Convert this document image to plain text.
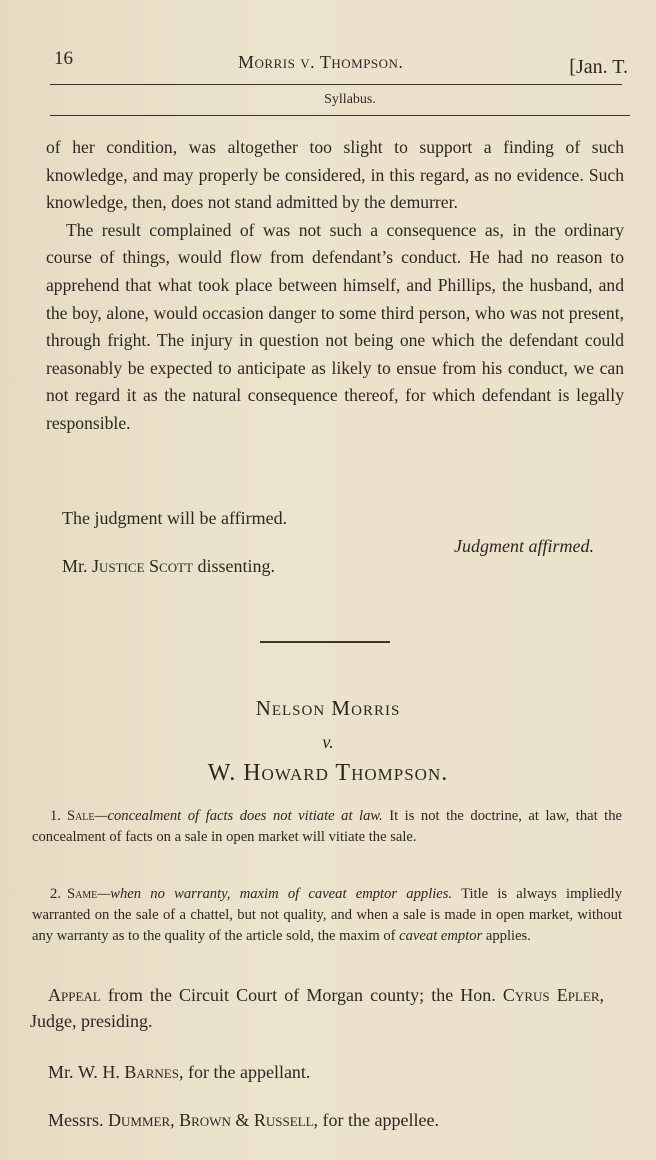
16	Morris v. Thompson.	[Jan. T.
Syllabus.

of her condition, was altogether too slight to support a finding of such knowledge, and may properly be considered, in this regard, as no evidence. Such knowledge, then, does not stand admitted by the demurrer.

The result complained of was not such a consequence as, in the ordinary course of things, would flow from defendant’s conduct. He had no reason to apprehend that what took place between himself, and Phillips, the husband, and the boy, alone, would occasion danger to some third person, who was not present, through fright. The injury in question not being one which the defendant could reasonably be expected to anticipate as likely to ensue from his conduct, we can not regard it as the natural consequence thereof, for which defendant is legally responsible.

The judgment will be affirmed.
Judgment affirmed.
Mr. Justice Scott dissenting.
Nelson Morris
v.
W. Howard Thompson.
1. Sale—concealment of facts does not vitiate at law. It is not the doctrine, at law, that the concealment of facts on a sale in open market will vitiate the sale.
2. Same—when no warranty, maxim of caveat emptor applies. Title is always impliedly warranted on the sale of a chattel, but not quality, and when a sale is made in open market, without any warranty as to the quality of the article sold, the maxim of caveat emptor applies.
Appeal from the Circuit Court of Morgan county; the Hon. Cyrus Epler, Judge, presiding.
Mr. W. H. Barnes, for the appellant.
Messrs. Dummer, Brown & Russell, for the appellee.
